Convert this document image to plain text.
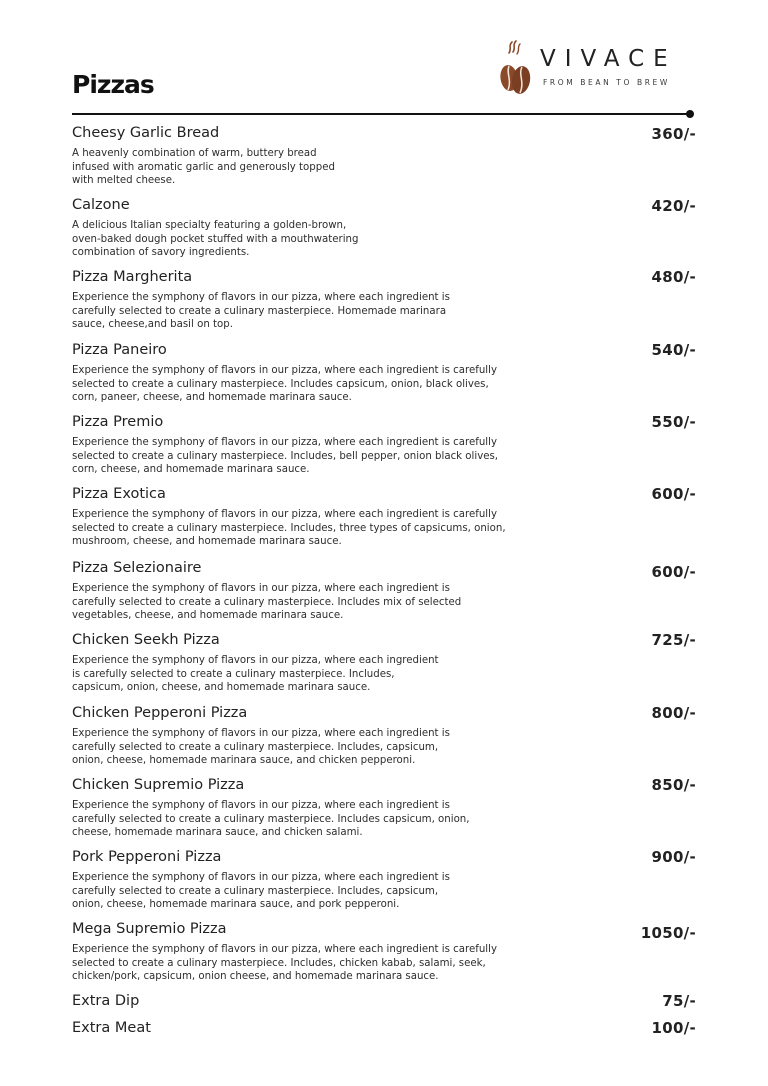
Pizzas
VIVACE
FROM BEAN TO BREW
Cheesy Garlic Bread	360/-
A heavenly combination of warm, buttery bread
infused with aromatic garlic and generously topped
with melted cheese.
Calzone	420/-
A delicious Italian specialty featuring a golden-brown,
oven-baked dough pocket stuffed with a mouthwatering
combination of savory ingredients.
Pizza Margherita	480/-
Experience the symphony of flavors in our pizza, where each ingredient is
carefully selected to create a culinary masterpiece. Homemade marinara
sauce, cheese,and basil on top.
Pizza Paneiro	540/-
Experience the symphony of flavors in our pizza, where each ingredient is carefully
selected to create a culinary masterpiece. Includes capsicum, onion, black olives,
corn, paneer, cheese, and homemade marinara sauce.
Pizza Premio	550/-
Experience the symphony of flavors in our pizza, where each ingredient is carefully
selected to create a culinary masterpiece. Includes, bell pepper, onion black olives,
corn, cheese, and homemade marinara sauce.
Pizza Exotica	600/-
Experience the symphony of flavors in our pizza, where each ingredient is carefully
selected to create a culinary masterpiece. Includes, three types of capsicums, onion,
mushroom, cheese, and homemade marinara sauce.
Pizza Selezionaire	600/-
Experience the symphony of flavors in our pizza, where each ingredient is
carefully selected to create a culinary masterpiece. Includes mix of selected
vegetables, cheese, and homemade marinara sauce.
Chicken Seekh Pizza	725/-
Experience the symphony of flavors in our pizza, where each ingredient
is carefully selected to create a culinary masterpiece. Includes,
capsicum, onion, cheese, and homemade marinara sauce.
Chicken Pepperoni Pizza	800/-
Experience the symphony of flavors in our pizza, where each ingredient is
carefully selected to create a culinary masterpiece. Includes, capsicum,
onion, cheese, homemade marinara sauce, and chicken pepperoni.
Chicken Supremio Pizza	850/-
Experience the symphony of flavors in our pizza, where each ingredient is
carefully selected to create a culinary masterpiece. Includes capsicum, onion,
cheese, homemade marinara sauce, and chicken salami.
Pork Pepperoni Pizza	900/-
Experience the symphony of flavors in our pizza, where each ingredient is
carefully selected to create a culinary masterpiece. Includes, capsicum,
onion, cheese, homemade marinara sauce, and pork pepperoni.
Mega Supremio Pizza	1050/-
Experience the symphony of flavors in our pizza, where each ingredient is carefully
selected to create a culinary masterpiece. Includes, chicken kabab, salami, seek,
chicken/pork, capsicum, onion cheese, and homemade marinara sauce.
Extra Dip	75/-
Extra Meat	100/-
